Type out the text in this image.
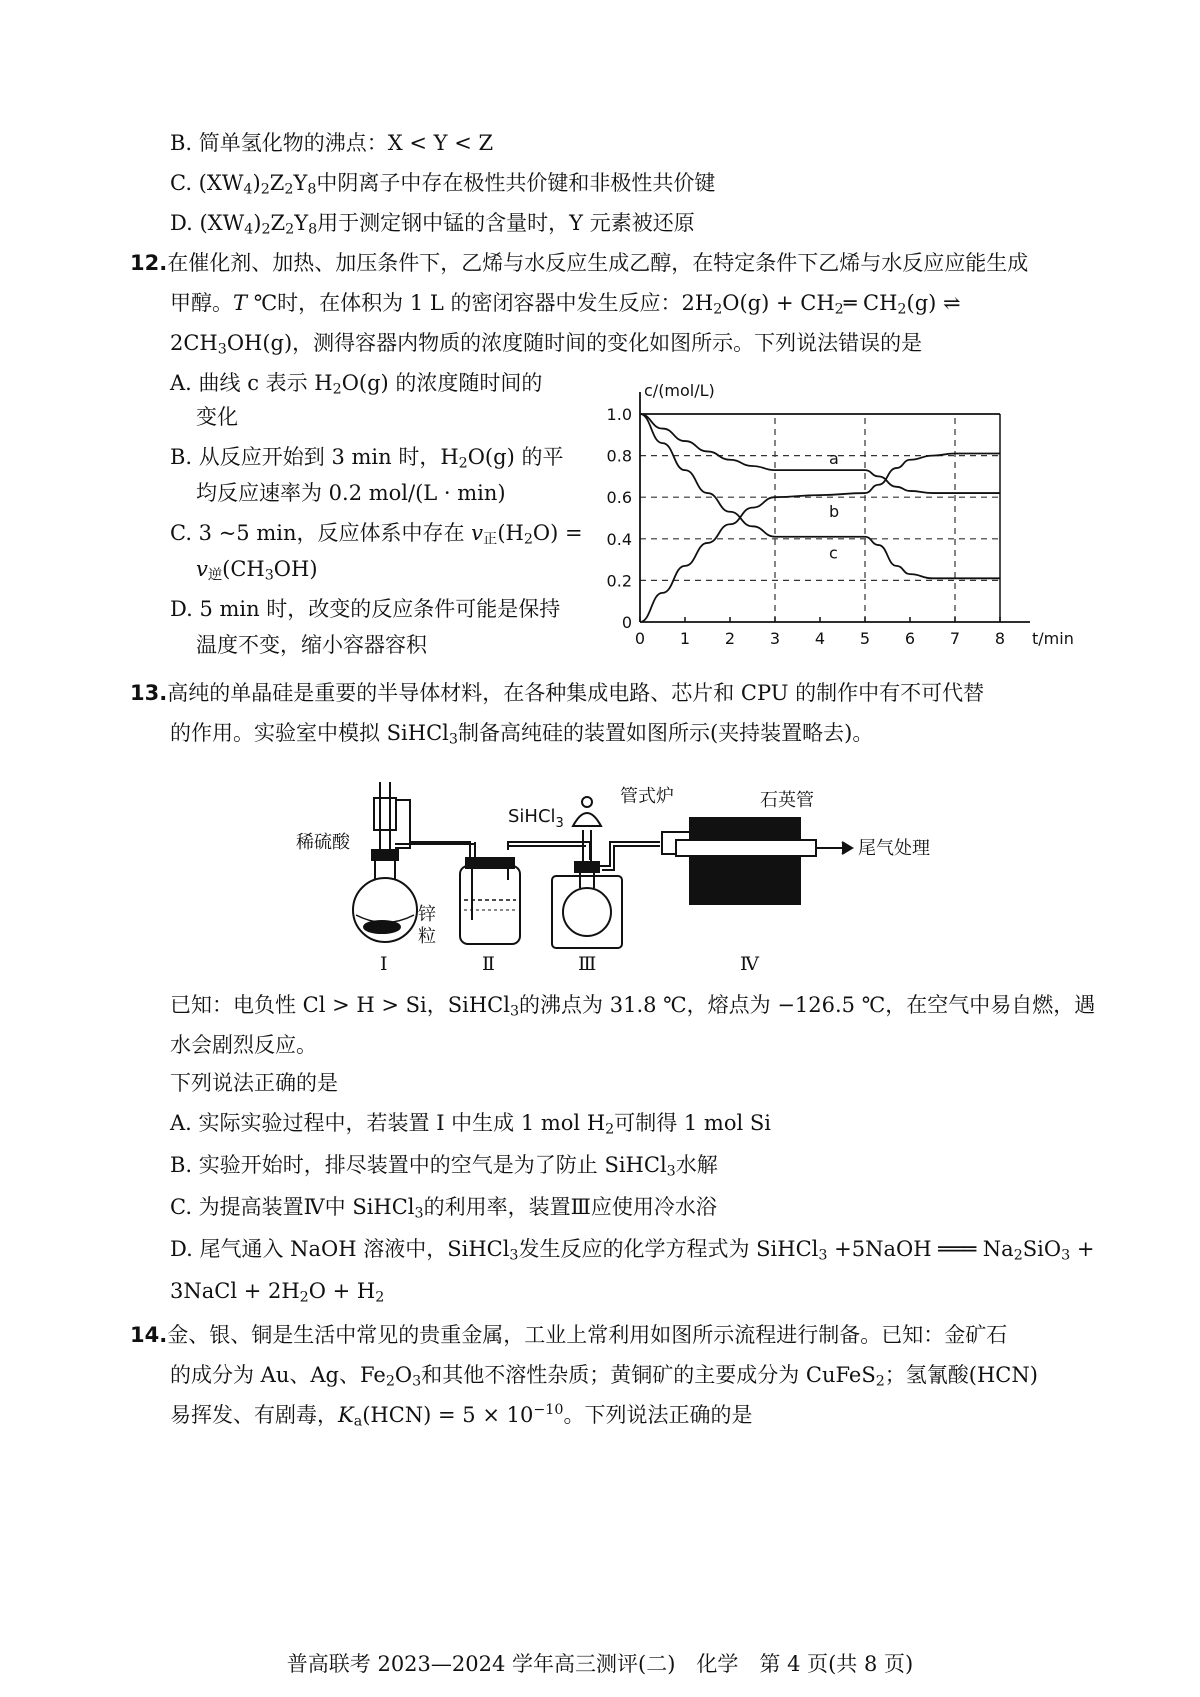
B. 简单氢化物的沸点：X < Y < Z
C. $(XW_4)_2Z_2Y_8$中阴离子中存在极性共价键和非极性共价键
D. $(XW_4)_2Z_2Y_8$用于测定钢中锰的含量时，Y 元素被还原
12.在催化剂、加热、加压条件下，乙烯与水反应生成乙醇，在特定条件下乙烯与水反应应能生成
甲醇。T ℃时，在体积为 1 L 的密闭容器中发生反应：$2H_2O(g)$ + $CH_2═$ $CH_2(g)$ ⇌
$2CH_3OH(g)$，测得容器内物质的浓度随时间的变化如图所示。下列说法错误的是
A. 曲线 c 表示 $H_2O(g)$ 的浓度随时间的
变化
B. 从反应开始到 3 min 时，$H_2O(g)$ 的平
均反应速率为 0.2 mol/(L · min)
C. 3 ~5 min，反应体系中存在 $v_正(H_2O)$ =
$v_逆(CH_3OH)$
D. 5 min 时，改变的反应条件可能是保持
温度不变，缩小容器容积	0 1 2 3 4 5 6 7 8
0
0.2
0.4
0.6
0.8
1.0
a
b
c
c/(mol/L)
t/min
13.高纯的单晶硅是重要的半导体材料，在各种集成电路、芯片和 CPU 的制作中有不可代替
的作用。实验室中模拟 SiHCl$_3$制备高纯硅的装置如图所示(夹持装置略去)。
稀硫酸
锌
粒
SiHCl$_3$
管式炉	石英管
尾气处理
Ⅰ	Ⅱ	Ⅲ	Ⅳ
已知：电负性 Cl > H > Si，SiHCl$_3$的沸点为 31.8 ℃，熔点为 −126.5 ℃，在空气中易自燃，遇
水会剧烈反应。
下列说法正确的是
A. 实际实验过程中，若装置 Ⅰ 中生成 1 mol $H_2$可制得 1 mol Si
B. 实验开始时，排尽装置中的空气是为了防止 SiHCl$_3$水解
C. 为提高装置Ⅳ中 SiHCl$_3$的利用率，装置Ⅲ应使用冷水浴
D. 尾气通入 NaOH 溶液中，SiHCl$_3$发生反应的化学方程式为 SiHCl$_3$ +5NaOH ═══ $Na_2SiO_3$ +
3NaCl + $2H_2O + H_2$
14.金、银、铜是生活中常见的贵重金属，工业上常利用如图所示流程进行制备。已知：金矿石
的成分为 Au、Ag、$Fe_2O_3$和其他不溶性杂质；黄铜矿的主要成分为 CuFeS$_2$；氢氰酸(HCN)
易挥发、有剧毒，$K_a(HCN) = 5 \times 10^{-10}$。下列说法正确的是
普高联考 2023—2024 学年高三测评(二)　化学　第 4 页(共 8 页)
